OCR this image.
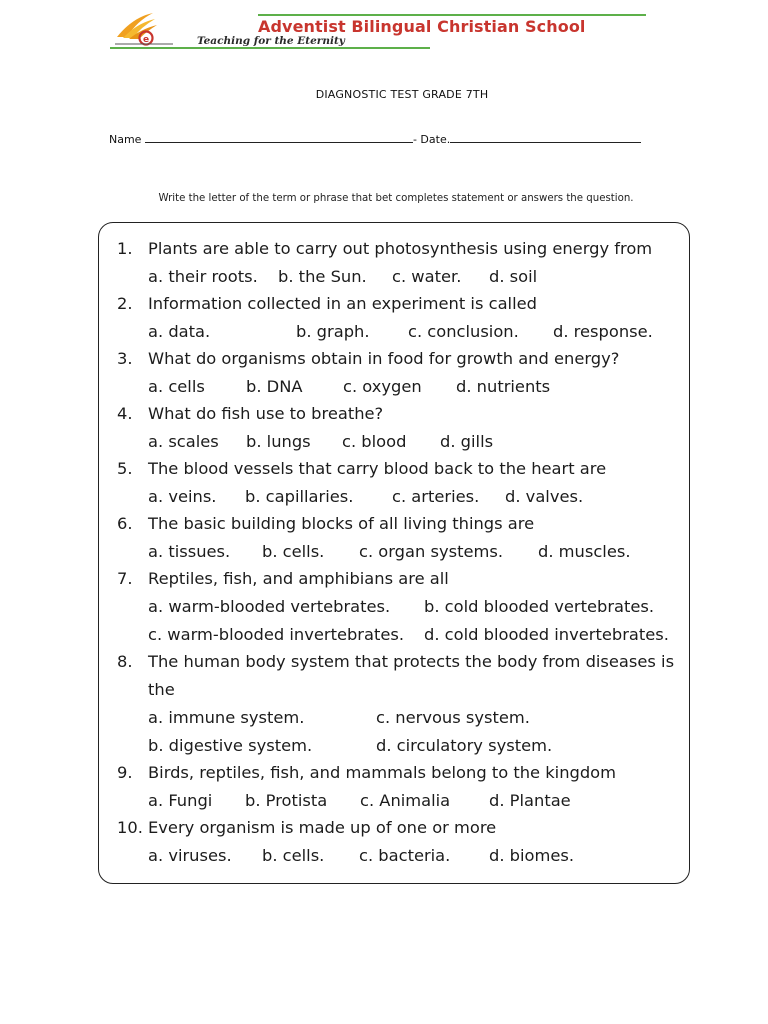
e
Adventist Bilingual Christian School
Teaching for the Eternity
DIAGNOSTIC TEST GRADE 7TH
Name	- Date.
Write the letter of the term or phrase that bet completes statement or answers the question.
1. Plants are able to carry out photosynthesis using energy from
a. their roots. b. the Sun. c. water. d. soil
2. Information collected in an experiment is called
a. data.	b. graph. c. conclusion. d. response.
3. What do organisms obtain in food for growth and energy?
a. cells	b. DNA c. oxygen d. nutrients
4. What do fish use to breathe?
a. scales b. lungs c. blood d. gills
5. The blood vessels that carry blood back to the heart are
a. veins. b. capillaries. c. arteries. d. valves.
6. The basic building blocks of all living things are
a. tissues. b. cells. c. organ systems. d. muscles.
7. Reptiles, fish, and amphibians are all
a. warm-blooded vertebrates. b. cold blooded vertebrates.
c. warm-blooded invertebrates. d. cold blooded invertebrates.
8. The human body system that protects the body from diseases is
the
a. immune system.	c. nervous system.
b. digestive system.	d. circulatory system.
9. Birds, reptiles, fish, and mammals belong to the kingdom
a. Fungi b. Protista c. Animalia d. Plantae
10. Every organism is made up of one or more
a. viruses. b. cells. c. bacteria. d. biomes.
